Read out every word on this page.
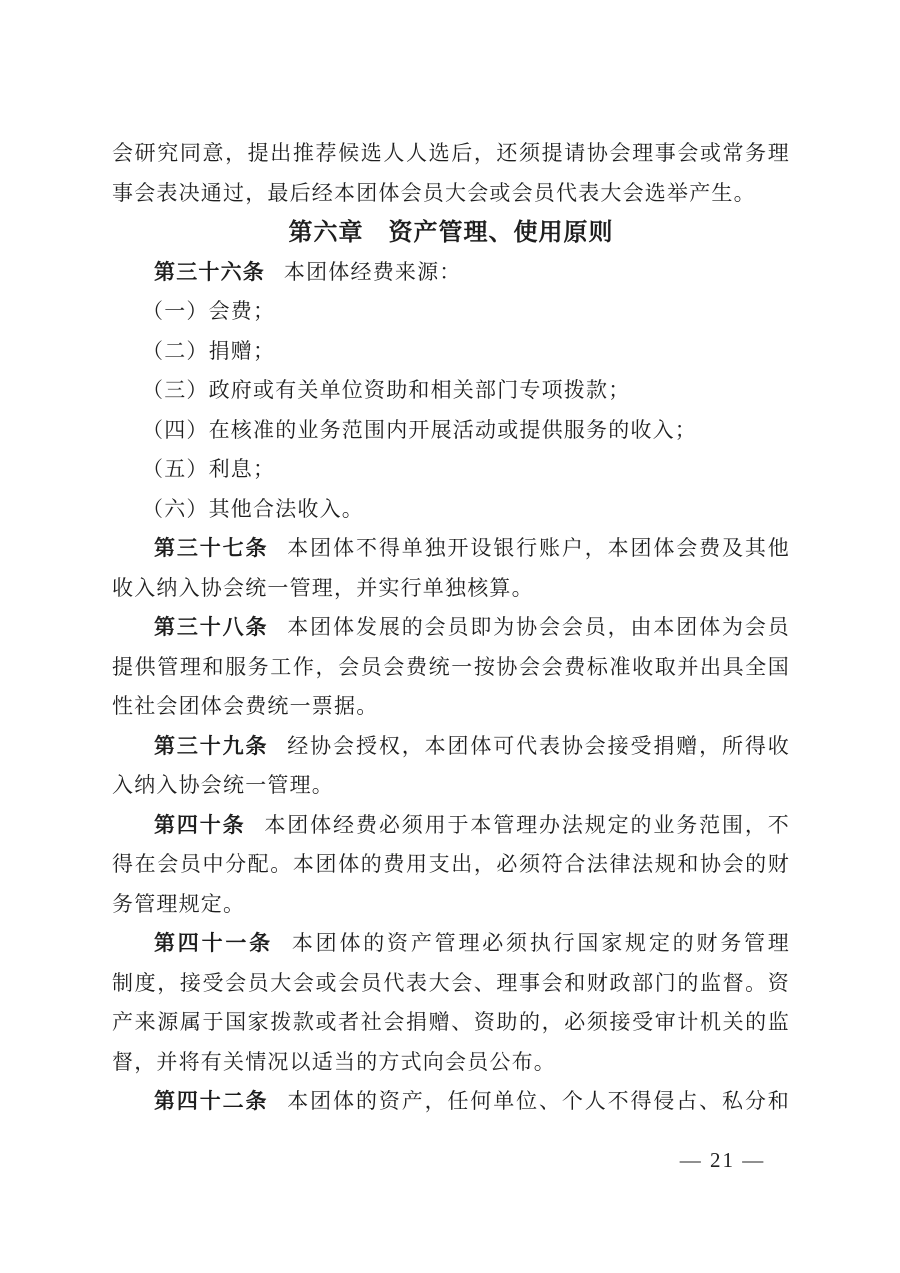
会研究同意，提出推荐候选人人选后，还须提请协会理事会或常务理
事会表决通过，最后经本团体会员大会或会员代表大会选举产生。
第六章　资产管理、使用原则
第三十六条 本团体经费来源：
（一）会费；
（二）捐赠；
（三）政府或有关单位资助和相关部门专项拨款；
（四）在核准的业务范围内开展活动或提供服务的收入；
（五）利息；
（六）其他合法收入。
第三十七条 本团体不得单独开设银行账户，本团体会费及其他
收入纳入协会统一管理，并实行单独核算。
第三十八条 本团体发展的会员即为协会会员，由本团体为会员
提供管理和服务工作，会员会费统一按协会会费标准收取并出具全国
性社会团体会费统一票据。
第三十九条 经协会授权，本团体可代表协会接受捐赠，所得收
入纳入协会统一管理。
第四十条 本团体经费必须用于本管理办法规定的业务范围，不
得在会员中分配。本团体的费用支出，必须符合法律法规和协会的财
务管理规定。
第四十一条 本团体的资产管理必须执行国家规定的财务管理
制度，接受会员大会或会员代表大会、理事会和财政部门的监督。资
产来源属于国家拨款或者社会捐赠、资助的，必须接受审计机关的监
督，并将有关情况以适当的方式向会员公布。
第四十二条 本团体的资产，任何单位、个人不得侵占、私分和
— 21 —
